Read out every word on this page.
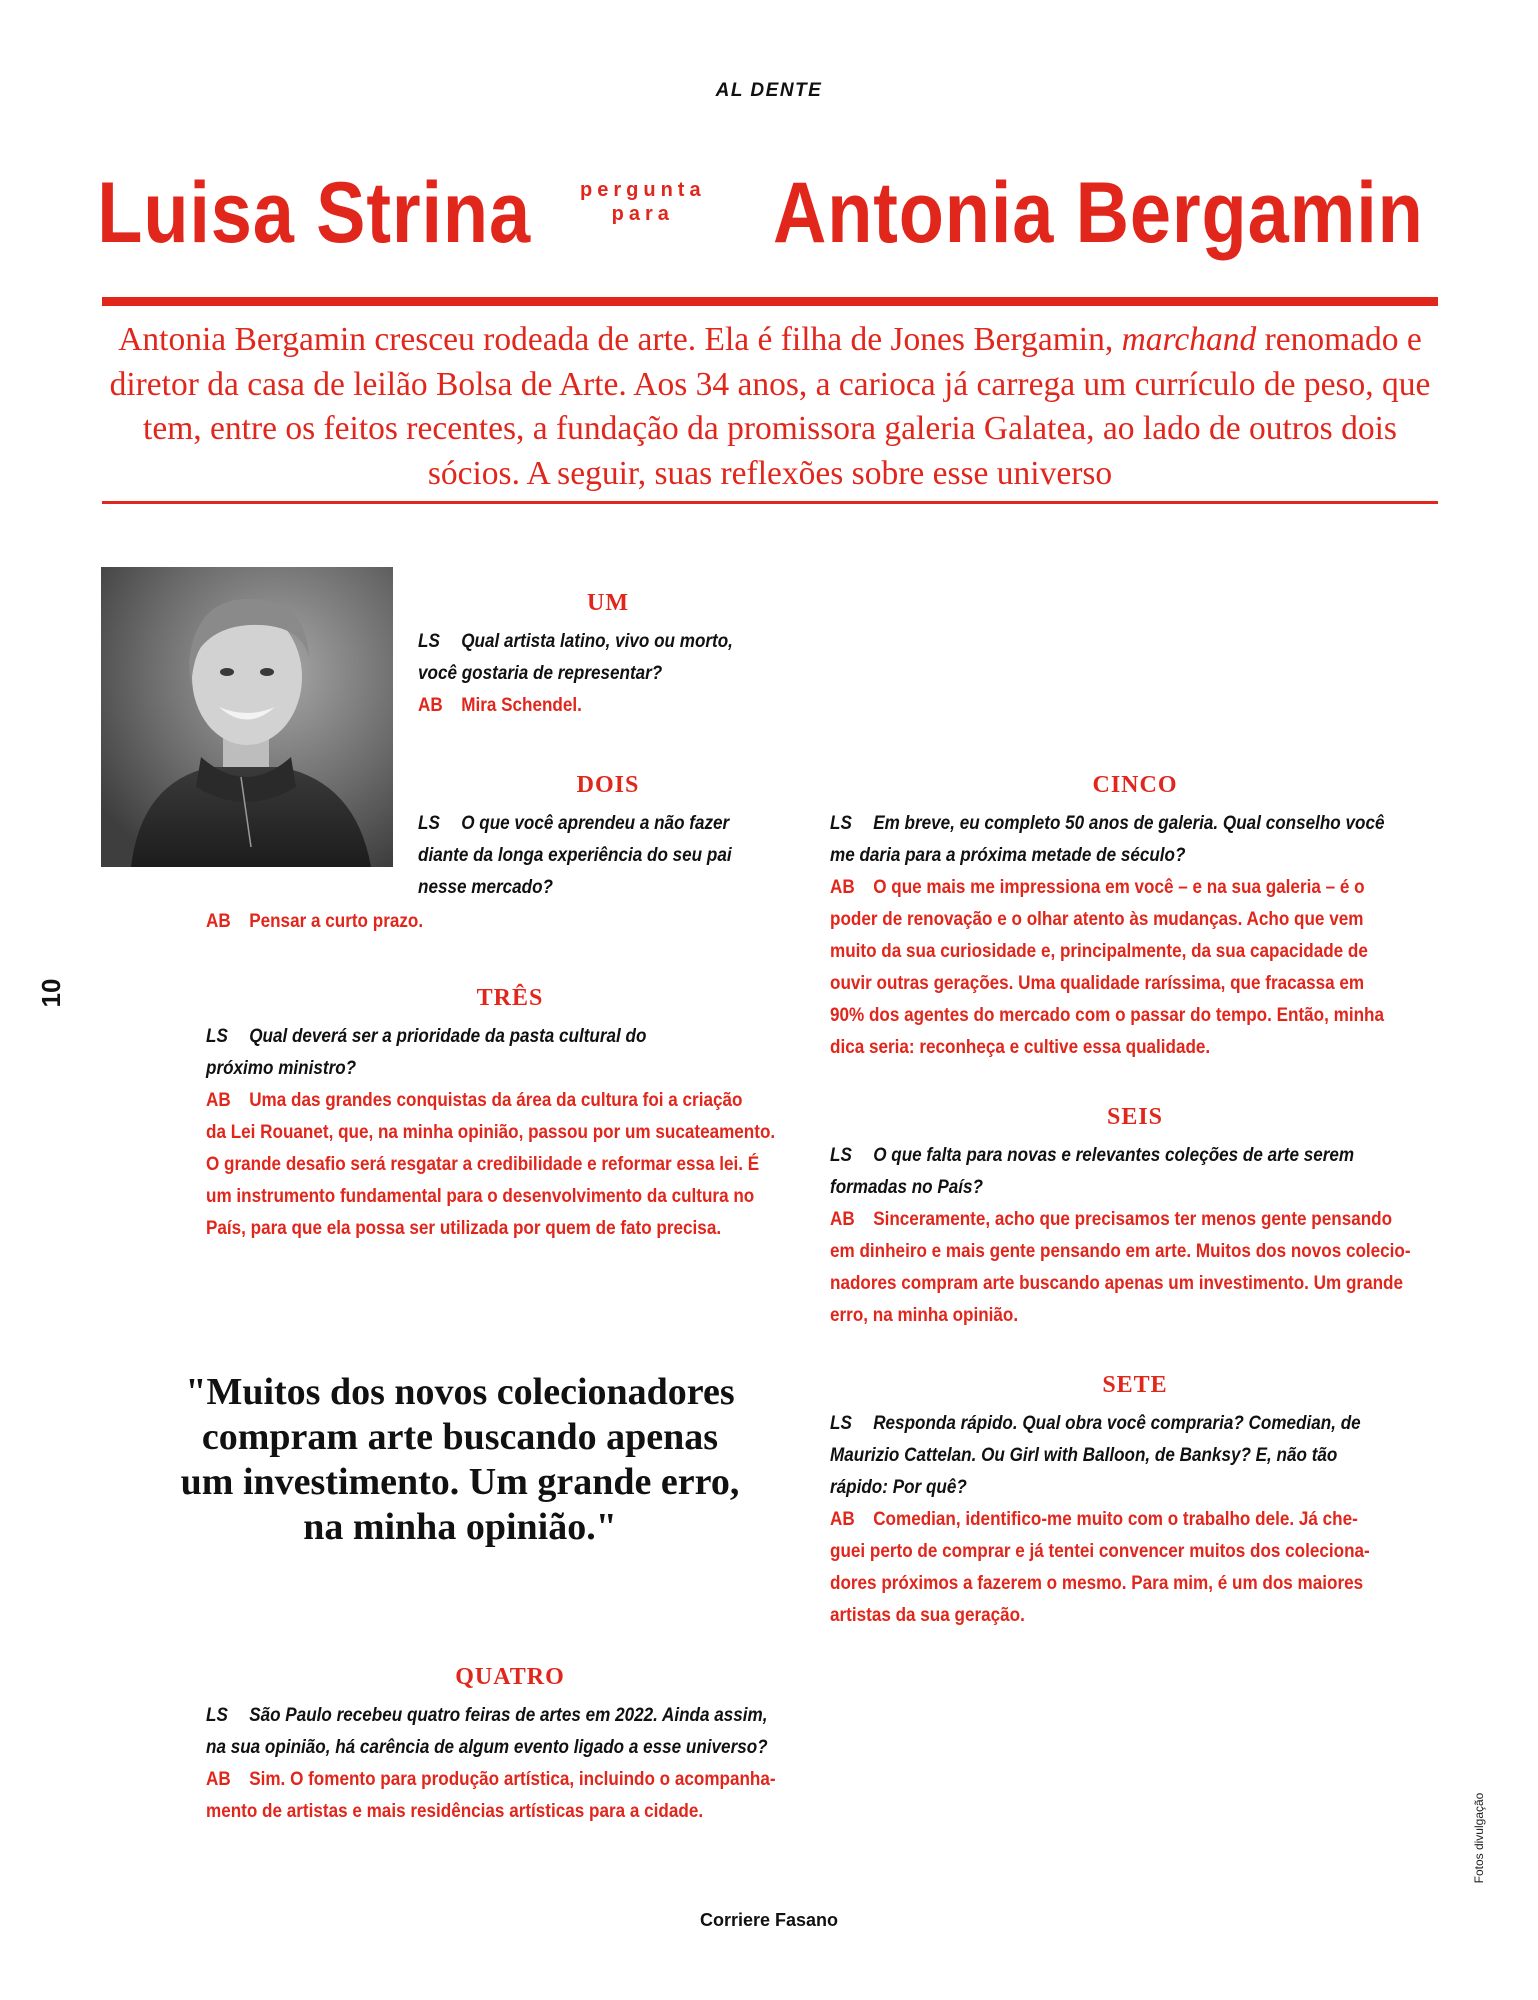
AL DENTE
Luisa Strina pergunta
para Antonia Bergamin
Antonia Bergamin cresceu rodeada de arte. Ela é filha de Jones Bergamin, marchand renomado e diretor da casa de leilão Bolsa de Arte. Aos 34 anos, a carioca já carrega um currículo de peso, que tem, entre os feitos recentes, a fundação da promissora galeria Galatea, ao lado de outros dois sócios. A seguir, suas reflexões sobre esse universo
10
UM
LS Qual artista latino, vivo ou morto,
você gostaria de representar?
AB Mira Schendel.
DOIS
LS O que você aprendeu a não fazer
diante da longa experiência do seu pai
nesse mercado?
AB Pensar a curto prazo.
TRÊS
LS Qual deverá ser a prioridade da pasta cultural do
próximo ministro?
AB Uma das grandes conquistas da área da cultura foi a criação
da Lei Rouanet, que, na minha opinião, passou por um sucateamento.
O grande desafio será resgatar a credibilidade e reformar essa lei. É
um instrumento fundamental para o desenvolvimento da cultura no
País, para que ela possa ser utilizada por quem de fato precisa.
"Muitos dos novos colecionadores
compram arte buscando apenas
um investimento. Um grande erro,
na minha opinião."
QUATRO
LS São Paulo recebeu quatro feiras de artes em 2022. Ainda assim,
na sua opinião, há carência de algum evento ligado a esse universo?
AB Sim. O fomento para produção artística, incluindo o acompanha-
mento de artistas e mais residências artísticas para a cidade.
CINCO
LS Em breve, eu completo 50 anos de galeria. Qual conselho você
me daria para a próxima metade de século?
AB O que mais me impressiona em você – e na sua galeria – é o
poder de renovação e o olhar atento às mudanças. Acho que vem
muito da sua curiosidade e, principalmente, da sua capacidade de
ouvir outras gerações. Uma qualidade raríssima, que fracassa em
90% dos agentes do mercado com o passar do tempo. Então, minha
dica seria: reconheça e cultive essa qualidade.
SEIS
LS O que falta para novas e relevantes coleções de arte serem
formadas no País?
AB Sinceramente, acho que precisamos ter menos gente pensando
em dinheiro e mais gente pensando em arte. Muitos dos novos colecio-
nadores compram arte buscando apenas um investimento. Um grande
erro, na minha opinião.
SETE
LS Responda rápido. Qual obra você compraria? Comedian, de
Maurizio Cattelan. Ou Girl with Balloon, de Banksy? E, não tão
rápido: Por quê?
AB Comedian, identifico-me muito com o trabalho dele. Já che-
guei perto de comprar e já tentei convencer muitos dos coleciona-
dores próximos a fazerem o mesmo. Para mim, é um dos maiores
artistas da sua geração.
Fotos divulgação
Corriere Fasano
